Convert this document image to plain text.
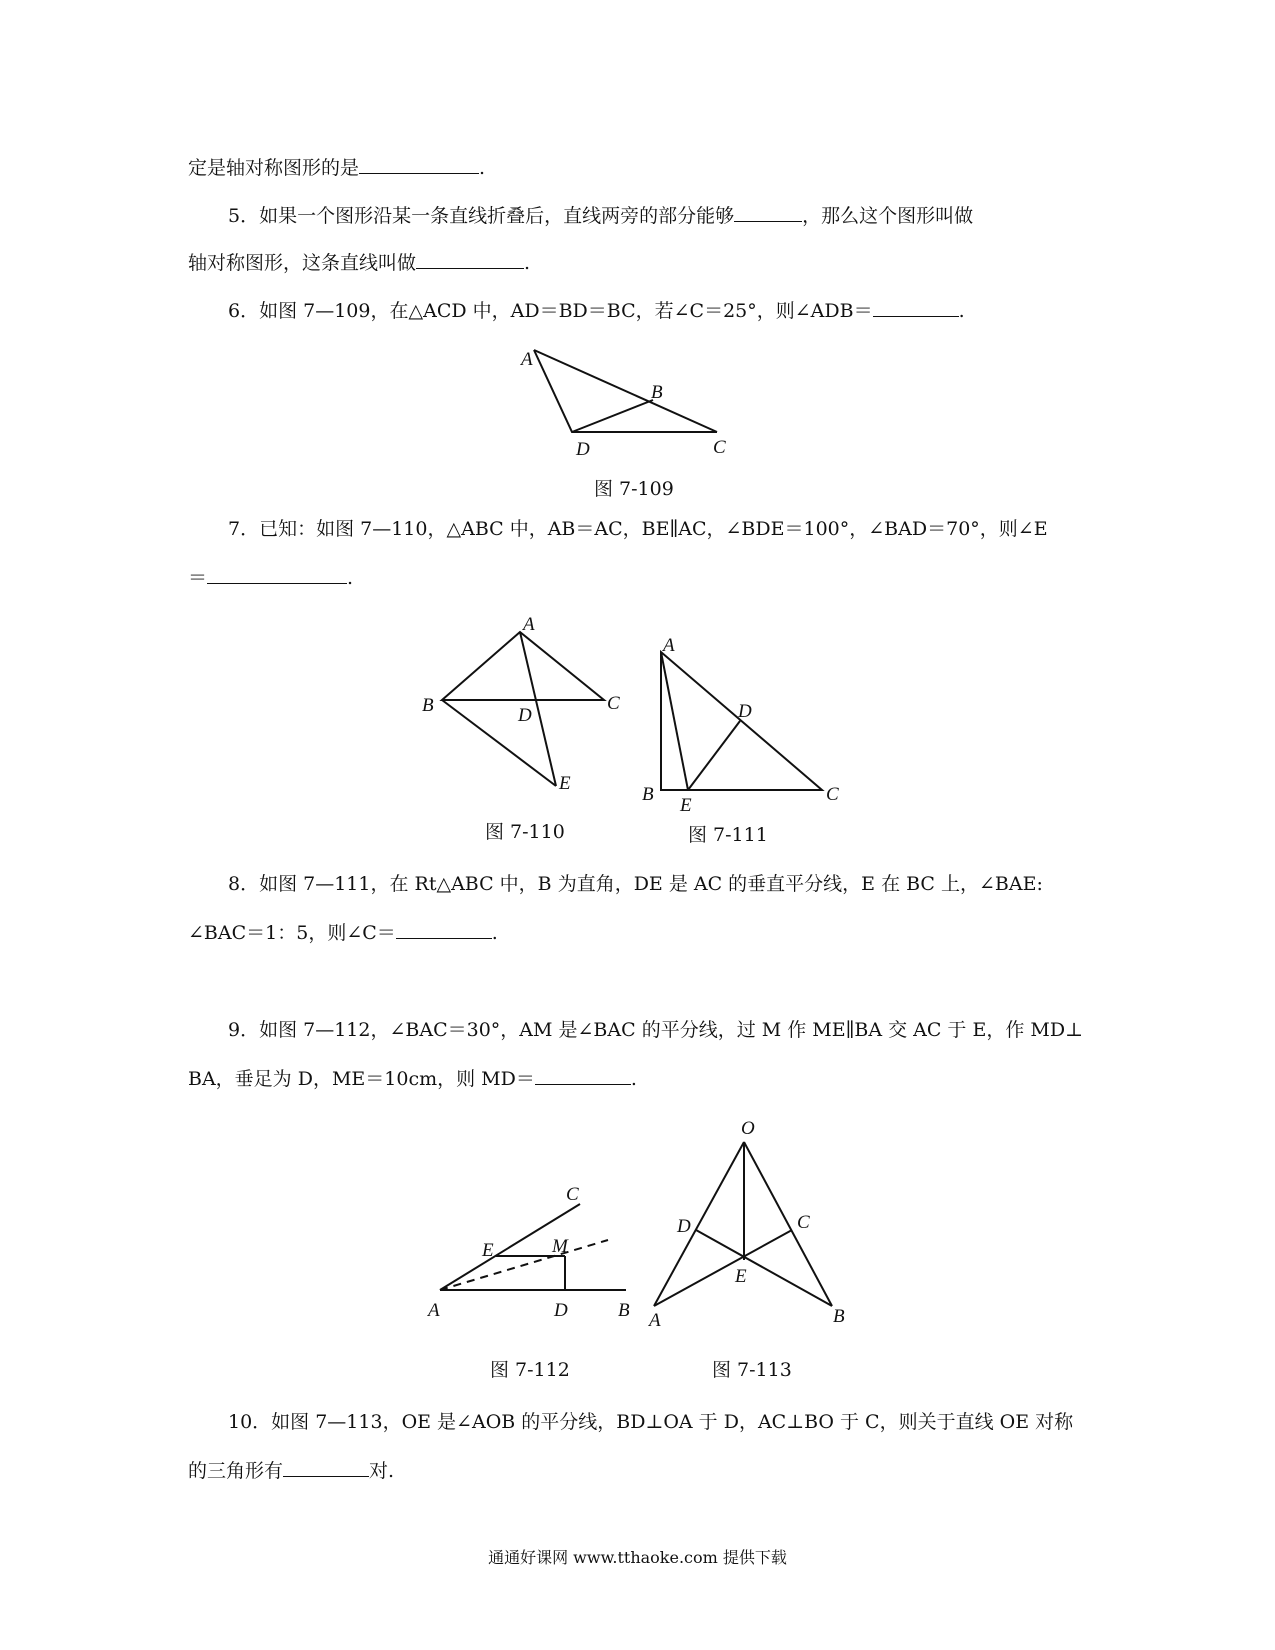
定是轴对称图形的是	.
5．如果一个图形沿某一条直线折叠后，直线两旁的部分能够	，那么这个图形叫做
轴对称图形，这条直线叫做	.
6．如图 7—109，在△ACD 中，AD＝BD＝BC，若∠C＝25°，则∠ADB＝	.
A
B
C
D
图 7-109
7．已知：如图 7—110，△ABC 中，AB＝AC，BE∥AC，∠BDE＝100°，∠BAD＝70°，则∠E
＝	.
A
B	C
D
E
图 7-110
A
B	C
D
E
图 7-111
8．如图 7—111，在 Rt△ABC 中，B 为直角，DE 是 AC 的垂直平分线，E 在 BC 上，∠BAE:
∠BAC＝1：5，则∠C＝	.
9．如图 7—112，∠BAC＝30°，AM 是∠BAC 的平分线，过 M 作 ME∥BA 交 AC 于 E，作 MD⊥
BA，垂足为 D，ME＝10cm，则 MD＝	.
A	B
C
D
E	M
图 7-112
O
A	B
C
D
E
图 7-113
10．如图 7—113，OE 是∠AOB 的平分线，BD⊥OA 于 D，AC⊥BO 于 C，则关于直线 OE 对称
的三角形有	对.
通通好课网 www.tthaoke.com 提供下载
